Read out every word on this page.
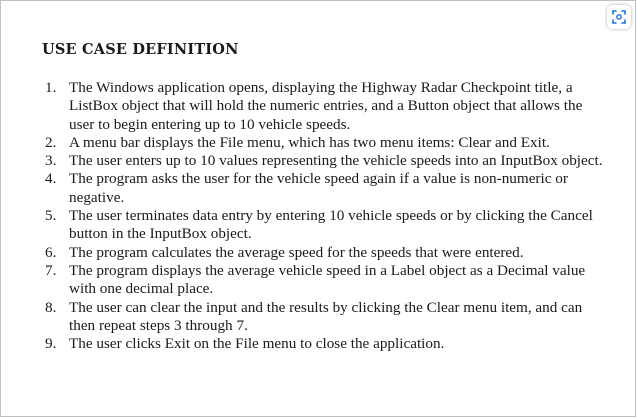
USE CASE DEFINITION
1. The Windows application opens, displaying the Highway Radar Checkpoint title, a ListBox object that will hold the numeric entries, and a Button object that allows the user to begin entering up to 10 vehicle speeds.
2. A menu bar displays the File menu, which has two menu items: Clear and Exit.
3. The user enters up to 10 values representing the vehicle speeds into an InputBox object.
4. The program asks the user for the vehicle speed again if a value is non-numeric or negative.
5. The user terminates data entry by entering 10 vehicle speeds or by clicking the Cancel button in the InputBox object.
6. The program calculates the average speed for the speeds that were entered.
7. The program displays the average vehicle speed in a Label object as a Decimal value with one decimal place.
8. The user can clear the input and the results by clicking the Clear menu item, and can then repeat steps 3 through 7.
9. The user clicks Exit on the File menu to close the application.
